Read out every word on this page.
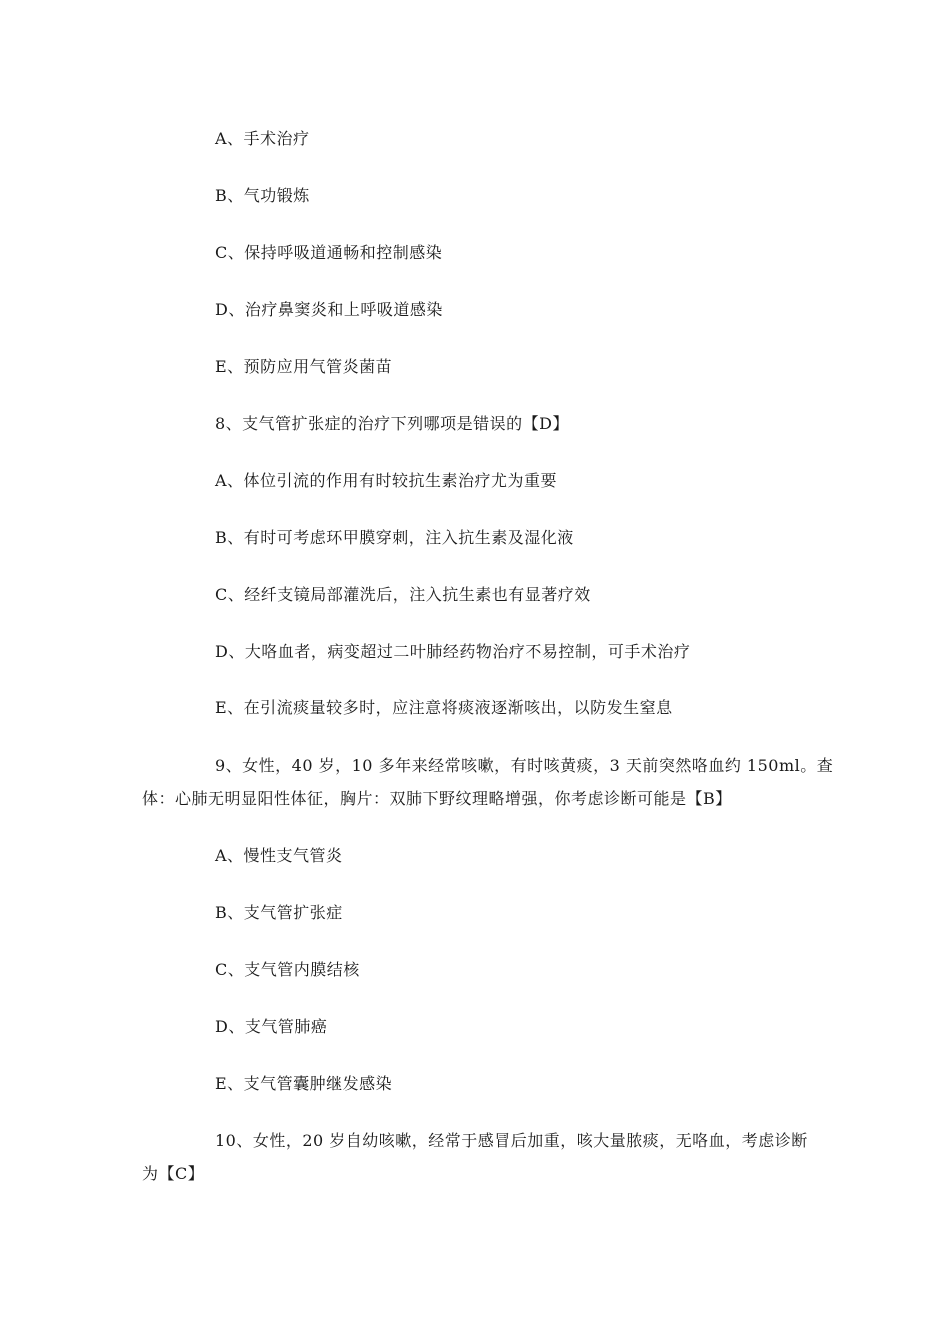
A、手术治疗
B、气功锻炼
C、保持呼吸道通畅和控制感染
D、治疗鼻窦炎和上呼吸道感染
E、预防应用气管炎菌苗
8、支气管扩张症的治疗下列哪项是错误的【D】
A、体位引流的作用有时较抗生素治疗尤为重要
B、有时可考虑环甲膜穿刺，注入抗生素及湿化液
C、经纤支镜局部灌洗后，注入抗生素也有显著疗效
D、大咯血者，病变超过二叶肺经药物治疗不易控制，可手术治疗
E、在引流痰量较多时，应注意将痰液逐渐咳出，以防发生窒息
9、女性，40 岁，10 多年来经常咳嗽，有时咳黄痰，3 天前突然咯血约 150ml。查
体：心肺无明显阳性体征，胸片：双肺下野纹理略增强，你考虑诊断可能是【B】
A、慢性支气管炎
B、支气管扩张症
C、支气管内膜结核
D、支气管肺癌
E、支气管囊肿继发感染
10、女性，20 岁自幼咳嗽，经常于感冒后加重，咳大量脓痰，无咯血，考虑诊断
为【C】
